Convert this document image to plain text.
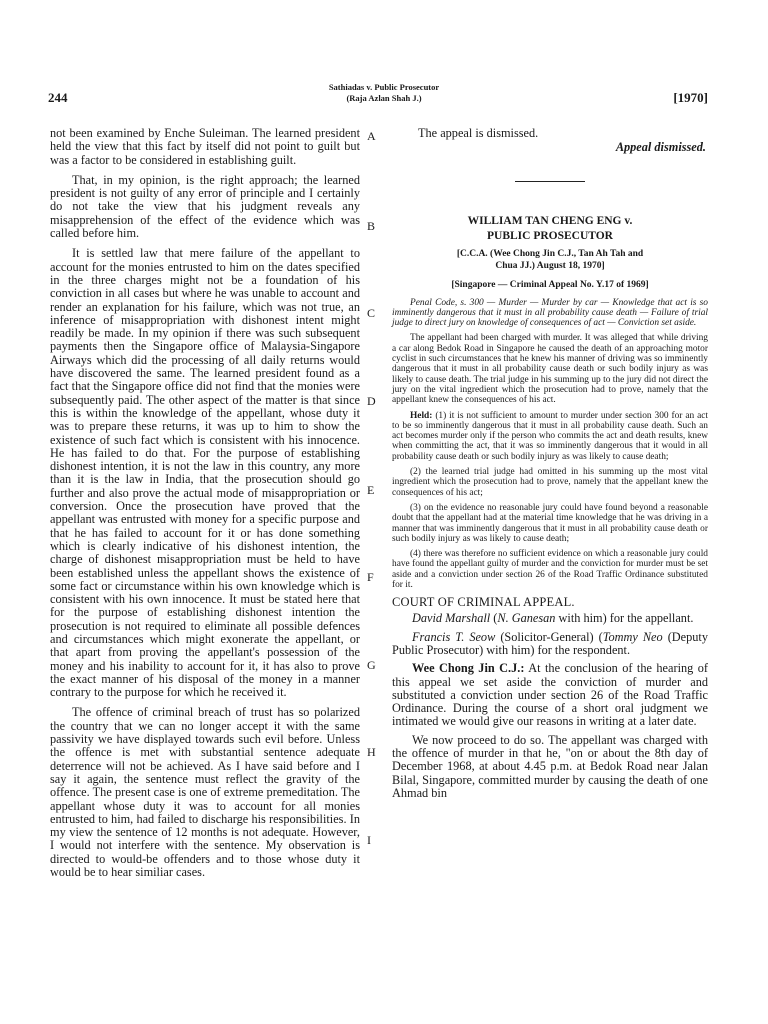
244
Sathiadas v. Public Prosecutor
(Raja Azlan Shah J.)	[1970]

not been examined by Enche Suleiman. The learned president held the view that this fact by itself did not point to guilt but was a factor to be considered in establishing guilt.

That, in my opinion, is the right approach; the learned president is not guilty of any error of principle and I certainly do not take the view that his judgment reveals any misapprehension of the effect of the evidence which was called before him.

It is settled law that mere failure of the appellant to account for the monies entrusted to him on the dates specified in the three charges might not be a foundation of his conviction in all cases but where he was unable to account and render an explanation for his failure, which was not true, an inference of misappropriation with dishonest intent might readily be made. In my opinion if there was such subsequent payments then the Singapore office of Malaysia-Singapore Airways which did the processing of all daily returns would have discovered the same. The learned president found as a fact that the Singapore office did not find that the monies were subsequently paid. The other aspect of the matter is that since this is within the knowledge of the appellant, whose duty it was to prepare these returns, it was up to him to show the existence of such fact which is consistent with his innocence. He has failed to do that. For the purpose of establishing dishonest intention, it is not the law in this country, any more than it is the law in India, that the prosecution should go further and also prove the actual mode of misappropriation or conversion. Once the prosecution have proved that the appellant was entrusted with money for a specific purpose and that he has failed to account for it or has done something which is clearly indicative of his dishonest intention, the charge of dishonest misappropriation must be held to have been established unless the appellant shows the existence of some fact or circumstance within his own knowledge which is consistent with his own innocence. It must be stated here that for the purpose of establishing dishonest intention the prosecution is not required to eliminate all possible defences and circumstances which might exonerate the appellant, or that apart from proving the appellant's possession of the money and his inability to account for it, it has also to prove the exact manner of his disposal of the money in a manner contrary to the purpose for which he received it.

The offence of criminal breach of trust has so polarized the country that we can no longer accept it with the same passivity we have displayed towards such evil before. Unless the offence is met with substantial sentence adequate deterrence will not be achieved. As I have said before and I say it again, the sentence must reflect the gravity of the offence. The present case is one of extreme premeditation. The appellant whose duty it was to account for all monies entrusted to him, had failed to discharge his responsibilities. In my view the sentence of 12 months is not adequate. However, I would not interfere with the sentence. My observation is directed to would-be offenders and to those whose duty it would be to hear similiar cases.

A
B
C
D
E
F
G
H
I
The appeal is dismissed.
Appeal dismissed.
WILLIAM TAN CHENG ENG v.
PUBLIC PROSECUTOR
[C.C.A. (Wee Chong Jin C.J., Tan Ah Tah and
Chua JJ.) August 18, 1970]
[Singapore — Criminal Appeal No. Y.17 of 1969]

Penal Code, s. 300 — Murder — Murder by car — Knowledge that act is so imminently dangerous that it must in all probability cause death — Failure of trial judge to direct jury on knowledge of consequences of act — Conviction set aside.

The appellant had been charged with murder. It was alleged that while driving a car along Bedok Road in Singapore he caused the death of an approaching motor cyclist in such circumstances that he knew his manner of driving was so imminently dangerous that it must in all probability cause death or such bodily injury as was likely to cause death. The trial judge in his summing up to the jury did not direct the jury on the vital ingredient which the prosecution had to prove, namely that the appellant knew the consequences of his act.

Held: (1) it is not sufficient to amount to murder under section 300 for an act to be so imminently dangerous that it must in all probability cause death. Such an act becomes murder only if the person who commits the act and death results, knew when committing the act, that it was so imminently dangerous that it would in all probability cause death or such bodily injury as was likely to cause death;

(2) the learned trial judge had omitted in his summing up the most vital ingredient which the prosecution had to prove, namely that the appellant knew the consequences of his act;

(3) on the evidence no reasonable jury could have found beyond a reasonable doubt that the appellant had at the material time knowledge that he was driving in a manner that was imminently dangerous that it must in all probability cause death or such bodily injury as was likely to cause death;

(4) there was therefore no sufficient evidence on which a reasonable jury could have found the appellant guilty of murder and the conviction for murder must be set aside and a conviction under section 26 of the Road Traffic Ordinance substituted for it.

COURT OF CRIMINAL APPEAL.

David Marshall (N. Ganesan with him) for the appellant.

Francis T. Seow (Solicitor-General) (Tommy Neo (Deputy Public Prosecutor) with him) for the respondent.

Wee Chong Jin C.J.: At the conclusion of the hearing of this appeal we set aside the conviction of murder and substituted a conviction under section 26 of the Road Traffic Ordinance. During the course of a short oral judgment we intimated we would give our reasons in writing at a later date.

We now proceed to do so. The appellant was charged with the offence of murder in that he, "on or about the 8th day of December 1968, at about 4.45 p.m. at Bedok Road near Jalan Bilal, Singapore, committed murder by causing the death of one Ahmad bin
